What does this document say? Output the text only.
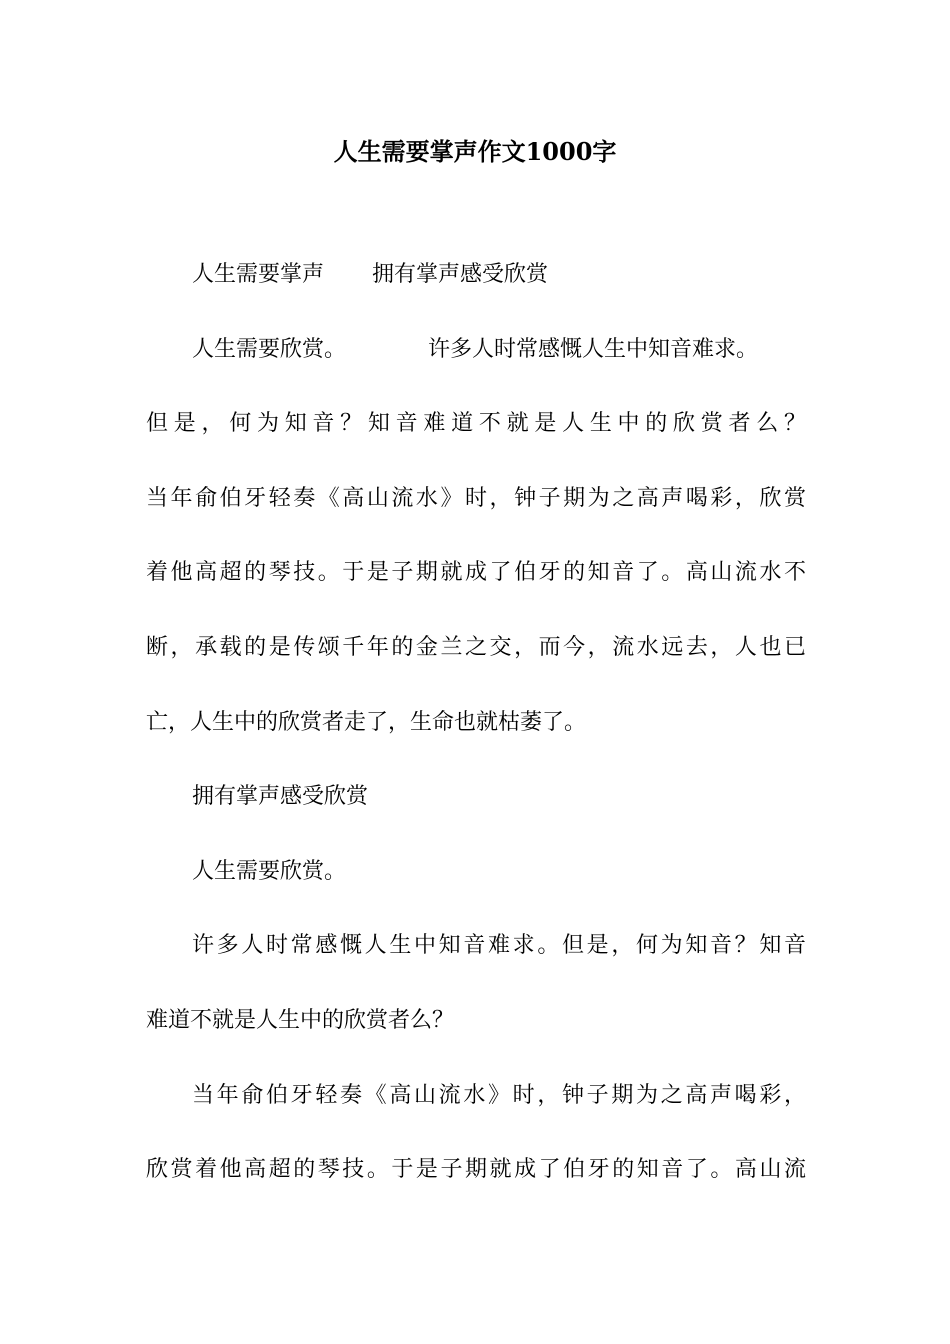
人生需要掌声作文1000字

人生需要掌声 拥有掌声感受欣赏

人生需要欣赏。	许多人时常感慨人生中知音难求。

但是，何为知音？知音难道不就是人生中的欣赏者么？

当年俞伯牙轻奏《高山流水》时，钟子期为之高声喝彩，欣赏

着他高超的琴技。于是子期就成了伯牙的知音了。高山流水不

断，承载的是传颂千年的金兰之交，而今，流水远去，人也已

亡，人生中的欣赏者走了，生命也就枯萎了。

拥有掌声感受欣赏

人生需要欣赏。

许多人时常感慨人生中知音难求。但是，何为知音？知音

难道不就是人生中的欣赏者么？

当年俞伯牙轻奏《高山流水》时，钟子期为之高声喝彩，

欣赏着他高超的琴技。于是子期就成了伯牙的知音了。高山流
